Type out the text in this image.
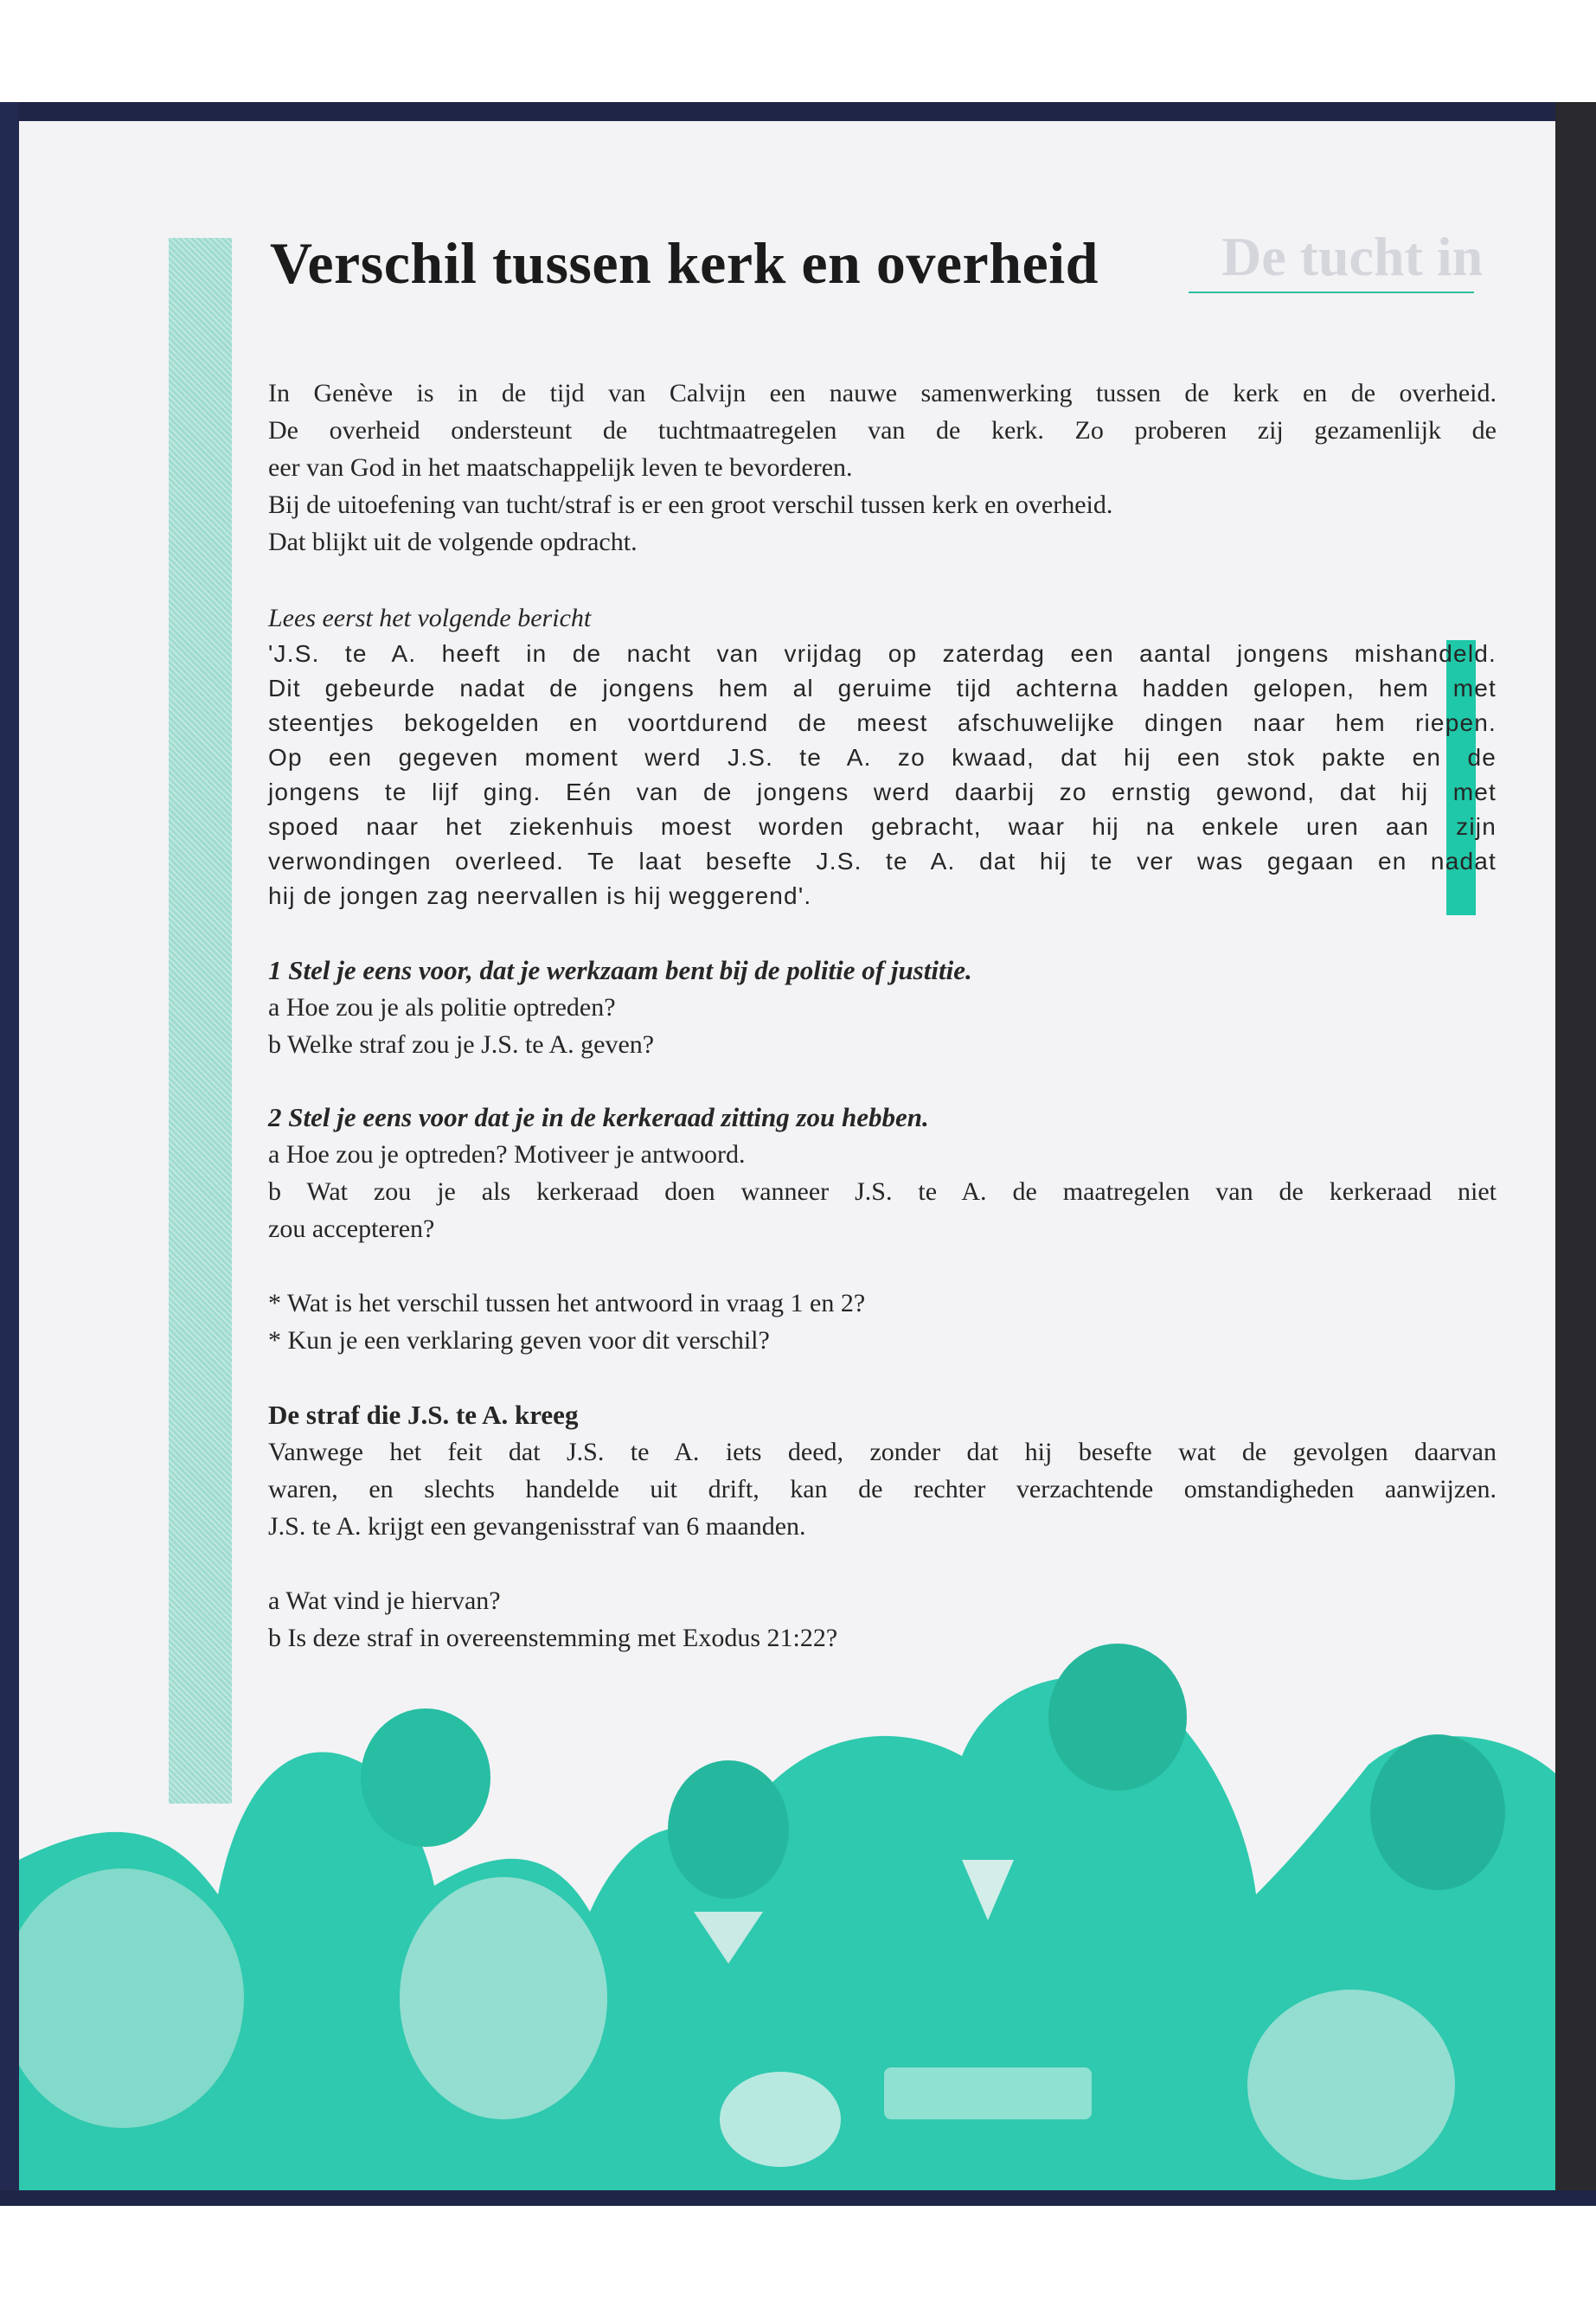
De tucht in
Verschil tussen kerk en overheid

In Genève is in de tijd van Calvijn een nauwe samenwerking tussen de kerk en de overheid.

De overheid ondersteunt de tuchtmaatregelen van de kerk. Zo proberen zij gezamenlijk de

eer van God in het maatschappelijk leven te bevorderen.

Bij de uitoefening van tucht/straf is er een groot verschil tussen kerk en overheid.

Dat blijkt uit de volgende opdracht.

Lees eerst het volgende bericht

'J.S. te A. heeft in de nacht van vrijdag op zaterdag een aantal jongens mishandeld.

Dit gebeurde nadat de jongens hem al geruime tijd achterna hadden gelopen, hem met

steentjes bekogelden en voortdurend de meest afschuwelijke dingen naar hem riepen.

Op een gegeven moment werd J.S. te A. zo kwaad, dat hij een stok pakte en de

jongens te lijf ging. Eén van de jongens werd daarbij zo ernstig gewond, dat hij met

spoed naar het ziekenhuis moest worden gebracht, waar hij na enkele uren aan zijn

verwondingen overleed. Te laat besefte J.S. te A. dat hij te ver was gegaan en nadat

hij de jongen zag neervallen is hij weggerend'.

1 Stel je eens voor, dat je werkzaam bent bij de politie of justitie.

a Hoe zou je als politie optreden?

b Welke straf zou je J.S. te A. geven?

2 Stel je eens voor dat je in de kerkeraad zitting zou hebben.

a Hoe zou je optreden? Motiveer je antwoord.

b Wat zou je als kerkeraad doen wanneer J.S. te A. de maatregelen van de kerkeraad niet

zou accepteren?

* Wat is het verschil tussen het antwoord in vraag 1 en 2?

* Kun je een verklaring geven voor dit verschil?

De straf die J.S. te A. kreeg

Vanwege het feit dat J.S. te A. iets deed, zonder dat hij besefte wat de gevolgen daarvan

waren, en slechts handelde uit drift, kan de rechter verzachtende omstandigheden aanwijzen.

J.S. te A. krijgt een gevangenisstraf van 6 maanden.

a Wat vind je hiervan?

b Is deze straf in overeenstemming met Exodus 21:22?
